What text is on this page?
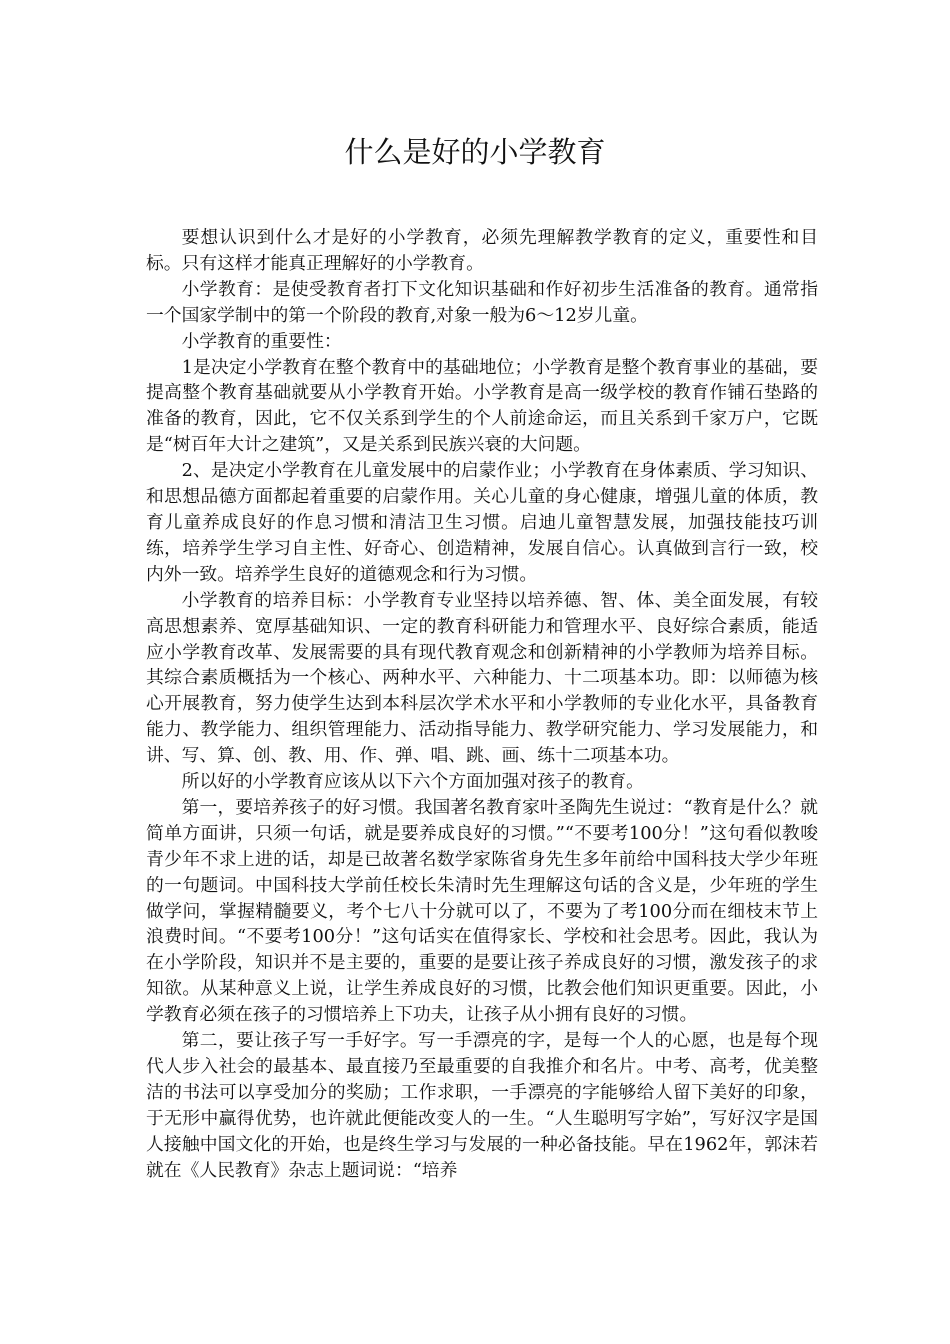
什么是好的小学教育

要想认识到什么才是好的小学教育，必须先理解教学教育的定义，重要性和目标。只有这样才能真正理解好的小学教育。

小学教育：是使受教育者打下文化知识基础和作好初步生活准备的教育。通常指一个国家学制中的第一个阶段的教育,对象一般为6～12岁儿童。

小学教育的重要性：

1是决定小学教育在整个教育中的基础地位；小学教育是整个教育事业的基础，要提高整个教育基础就要从小学教育开始。小学教育是高一级学校的教育作铺石垫路的准备的教育，因此，它不仅关系到学生的个人前途命运，而且关系到千家万户，它既是“树百年大计之建筑”，又是关系到民族兴衰的大问题。

2、是决定小学教育在儿童发展中的启蒙作业；小学教育在身体素质、学习知识、和思想品德方面都起着重要的启蒙作用。关心儿童的身心健康，增强儿童的体质，教育儿童养成良好的作息习惯和清洁卫生习惯。启迪儿童智慧发展，加强技能技巧训练，培养学生学习自主性、好奇心、创造精神，发展自信心。认真做到言行一致，校内外一致。培养学生良好的道德观念和行为习惯。

小学教育的培养目标：小学教育专业坚持以培养德、智、体、美全面发展，有较高思想素养、宽厚基础知识、一定的教育科研能力和管理水平、良好综合素质，能适应小学教育改革、发展需要的具有现代教育观念和创新精神的小学教师为培养目标。其综合素质概括为一个核心、两种水平、六种能力、十二项基本功。即：以师德为核心开展教育，努力使学生达到本科层次学术水平和小学教师的专业化水平，具备教育能力、教学能力、组织管理能力、活动指导能力、教学研究能力、学习发展能力，和讲、写、算、创、教、用、作、弹、唱、跳、画、练十二项基本功。

所以好的小学教育应该从以下六个方面加强对孩子的教育。

第一，要培养孩子的好习惯。我国著名教育家叶圣陶先生说过：“教育是什么？就简单方面讲，只须一句话，就是要养成良好的习惯。”“不要考100分！”这句看似教唆青少年不求上进的话，却是已故著名数学家陈省身先生多年前给中国科技大学少年班的一句题词。中国科技大学前任校长朱清时先生理解这句话的含义是，少年班的学生做学问，掌握精髓要义，考个七八十分就可以了，不要为了考100分而在细枝末节上浪费时间。“不要考100分！”这句话实在值得家长、学校和社会思考。因此，我认为在小学阶段，知识并不是主要的，重要的是要让孩子养成良好的习惯，激发孩子的求知欲。从某种意义上说，让学生养成良好的习惯，比教会他们知识更重要。因此，小学教育必须在孩子的习惯培养上下功夫，让孩子从小拥有良好的习惯。

第二，要让孩子写一手好字。写一手漂亮的字，是每一个人的心愿，也是每个现代人步入社会的最基本、最直接乃至最重要的自我推介和名片。中考、高考，优美整洁的书法可以享受加分的奖励；工作求职，一手漂亮的字能够给人留下美好的印象，于无形中赢得优势，也许就此便能改变人的一生。“人生聪明写字始”，写好汉字是国人接触中国文化的开始，也是终生学习与发展的一种必备技能。早在1962年，郭沫若就在《人民教育》杂志上题词说：“培养
